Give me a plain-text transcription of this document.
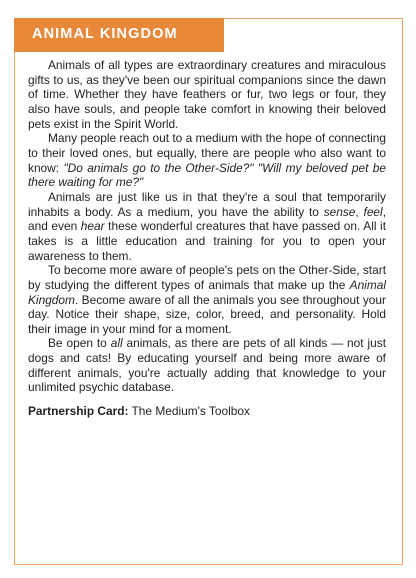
ANIMAL KINGDOM

Animals of all types are extraordinary creatures and miraculous gifts to us, as they've been our spiritual companions since the dawn of time. Whether they have feathers or fur, two legs or four, they also have souls, and people take comfort in knowing their beloved pets exist in the Spirit World.

Many people reach out to a medium with the hope of connecting to their loved ones, but equally, there are people who also want to know: "Do animals go to the Other-Side?" "Will my beloved pet be there waiting for me?"

Animals are just like us in that they're a soul that temporarily inhabits a body. As a medium, you have the ability to sense, feel, and even hear these wonderful creatures that have passed on. All it takes is a little education and training for you to open your awareness to them.

To become more aware of people's pets on the Other-Side, start by studying the different types of animals that make up the Animal Kingdom. Become aware of all the animals you see throughout your day. Notice their shape, size, color, breed, and personality. Hold their image in your mind for a moment.

Be open to all animals, as there are pets of all kinds — not just dogs and cats! By educating yourself and being more aware of different animals, you're actually adding that knowledge to your unlimited psychic database.

Partnership Card: The Medium's Toolbox
